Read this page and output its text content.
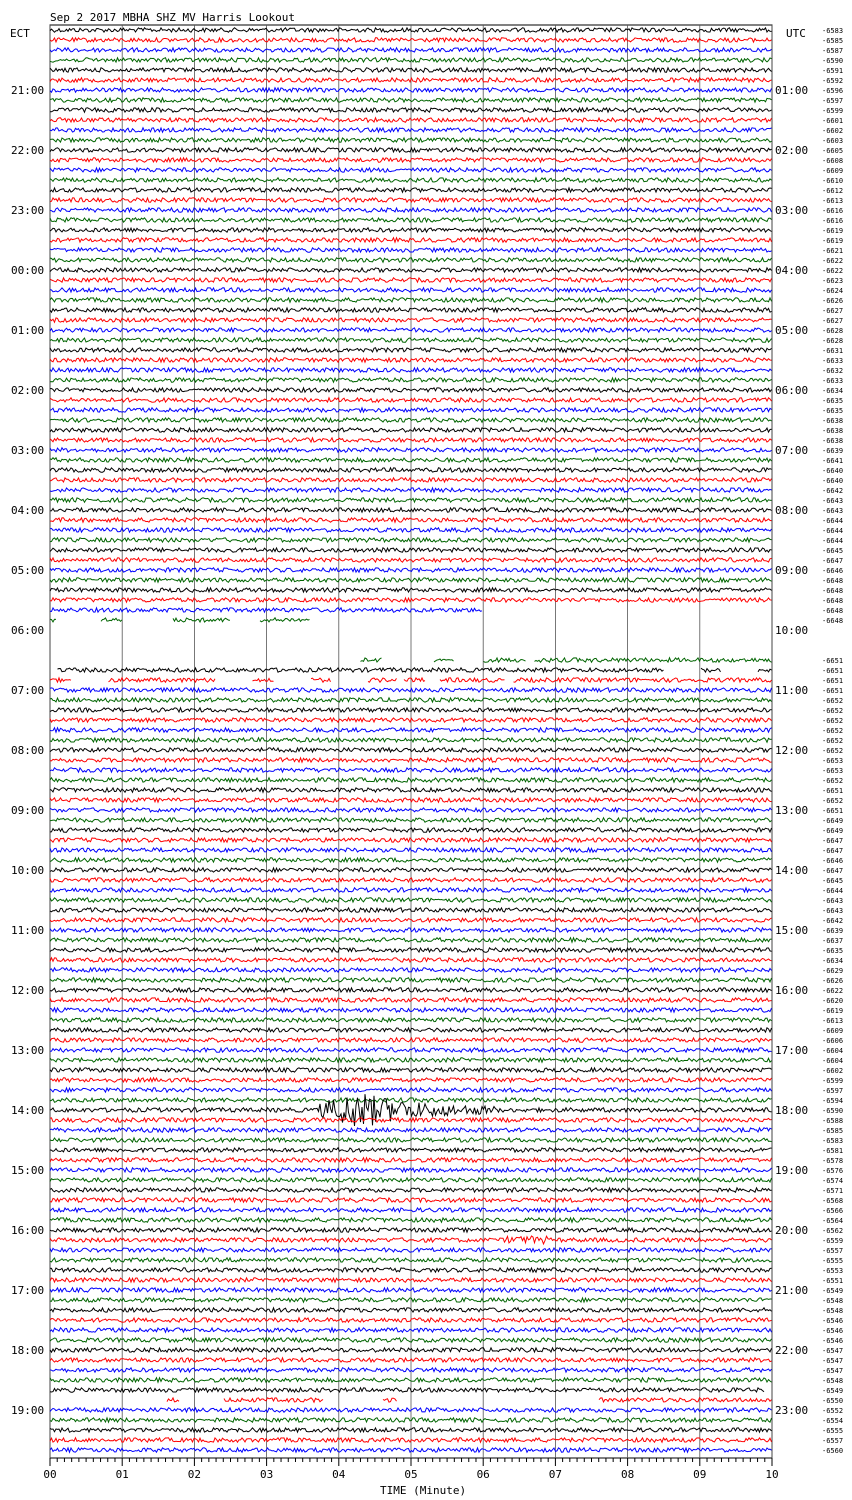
Sep 2 2017 MBHA SHZ MV Harris Lookout
ECT	UTC
21:00
22:00
23:00
00:00
01:00
02:00
03:00
04:00
05:00
06:00
07:00
08:00
09:00
10:00
11:00
12:00
13:00
14:00
15:00
16:00
17:00
18:00
19:00
01:00
02:00
03:00
04:00
05:00
06:00
07:00
08:00
09:00
10:00
11:00
12:00
13:00
14:00
15:00
16:00
17:00
18:00
19:00
20:00
21:00
22:00
23:00
-6583
-6585
-6587
-6590
-6591
-6592
-6596
-6597
-6599
-6601
-6602
-6603
-6605
-6608
-6609
-6610
-6612
-6613
-6616
-6616
-6619
-6619
-6621
-6622
-6622
-6623
-6624
-6626
-6627
-6627
-6628
-6628
-6631
-6633
-6632
-6633
-6634
-6635
-6635
-6638
-6638
-6638
-6639
-6641
-6640
-6640
-6642
-6643
-6643
-6644
-6644
-6644
-6645
-6647
-6646
-6648
-6648
-6648
-6648
-6648
-6651
-6651
-6651
-6651
-6652
-6652
-6652
-6652
-6652
-6652
-6653
-6653
-6652
-6651
-6652
-6651
-6649
-6649
-6647
-6647
-6646
-6647
-6645
-6644
-6643
-6643
-6642
-6639
-6637
-6635
-6634
-6629
-6626
-6622
-6620
-6619
-6613
-6609
-6606
-6604
-6604
-6602
-6599
-6597
-6594
-6590
-6588
-6585
-6583
-6581
-6578
-6576
-6574
-6571
-6568
-6566
-6564
-6562
-6559
-6557
-6555
-6553
-6551
-6549
-6548
-6548
-6546
-6546
-6546
-6547
-6547
-6547
-6548
-6549
-6550
-6552
-6554
-6555
-6557
-6560
00	01	02	03	04	05	06	07	08	09	10
TIME (Minute)
